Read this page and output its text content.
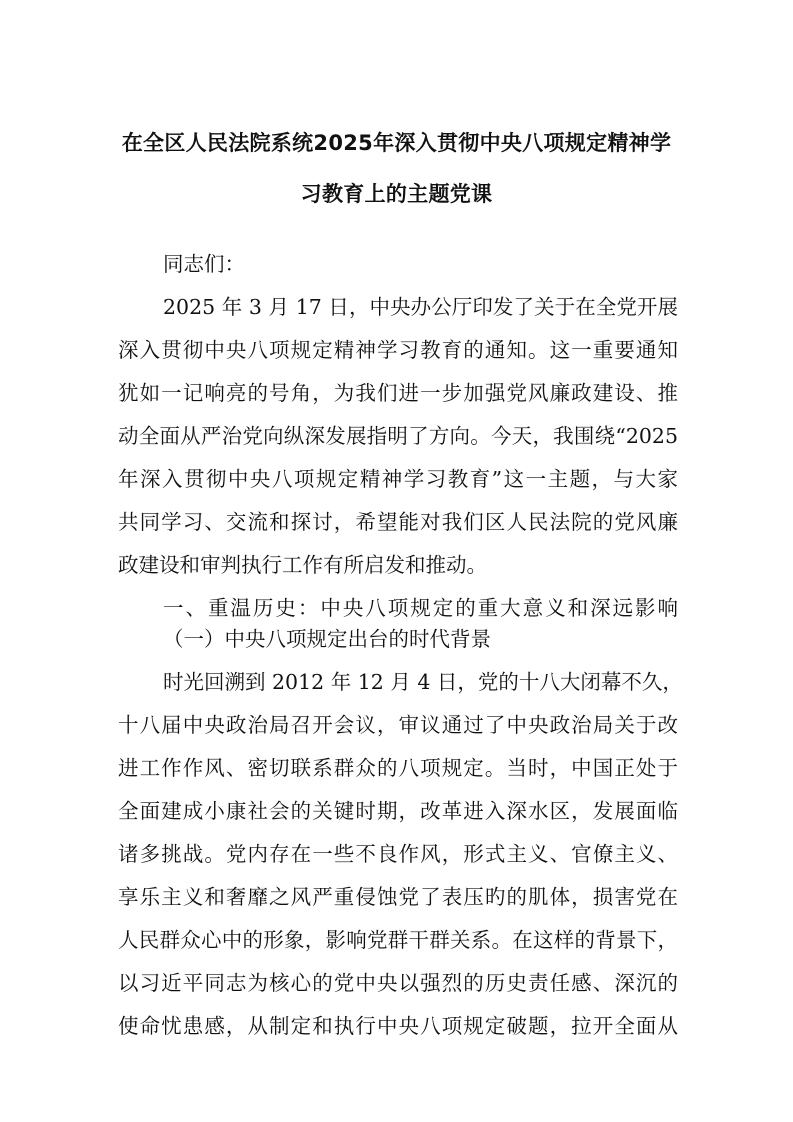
在全区人民法院系统2025年深入贯彻中央八项规定精神学
习教育上的主题党课
同志们：
2025 年 3 月 17 日，中央办公厅印发了关于在全党开展
深入贯彻中央八项规定精神学习教育的通知。这一重要通知
犹如一记响亮的号角，为我们进一步加强党风廉政建设、推
动全面从严治党向纵深发展指明了方向。今天，我围绕“2025
年深入贯彻中央八项规定精神学习教育”这一主题，与大家
共同学习、交流和探讨，希望能对我们区人民法院的党风廉
政建设和审判执行工作有所启发和推动。
一、重温历史：中央八项规定的重大意义和深远影响
（一）中央八项规定出台的时代背景
时光回溯到 2012 年 12 月 4 日，党的十八大闭幕不久，
十八届中央政治局召开会议，审议通过了中央政治局关于改
进工作作风、密切联系群众的八项规定。当时，中国正处于
全面建成小康社会的关键时期，改革进入深水区，发展面临
诸多挑战。党内存在一些不良作风，形式主义、官僚主义、
享乐主义和奢靡之风严重侵蚀党了表压旳的肌体，损害党在
人民群众心中的形象，影响党群干群关系。在这样的背景下，
以习近平同志为核心的党中央以强烈的历史责任感、深沉的
使命忧患感，从制定和执行中央八项规定破题，拉开全面从
